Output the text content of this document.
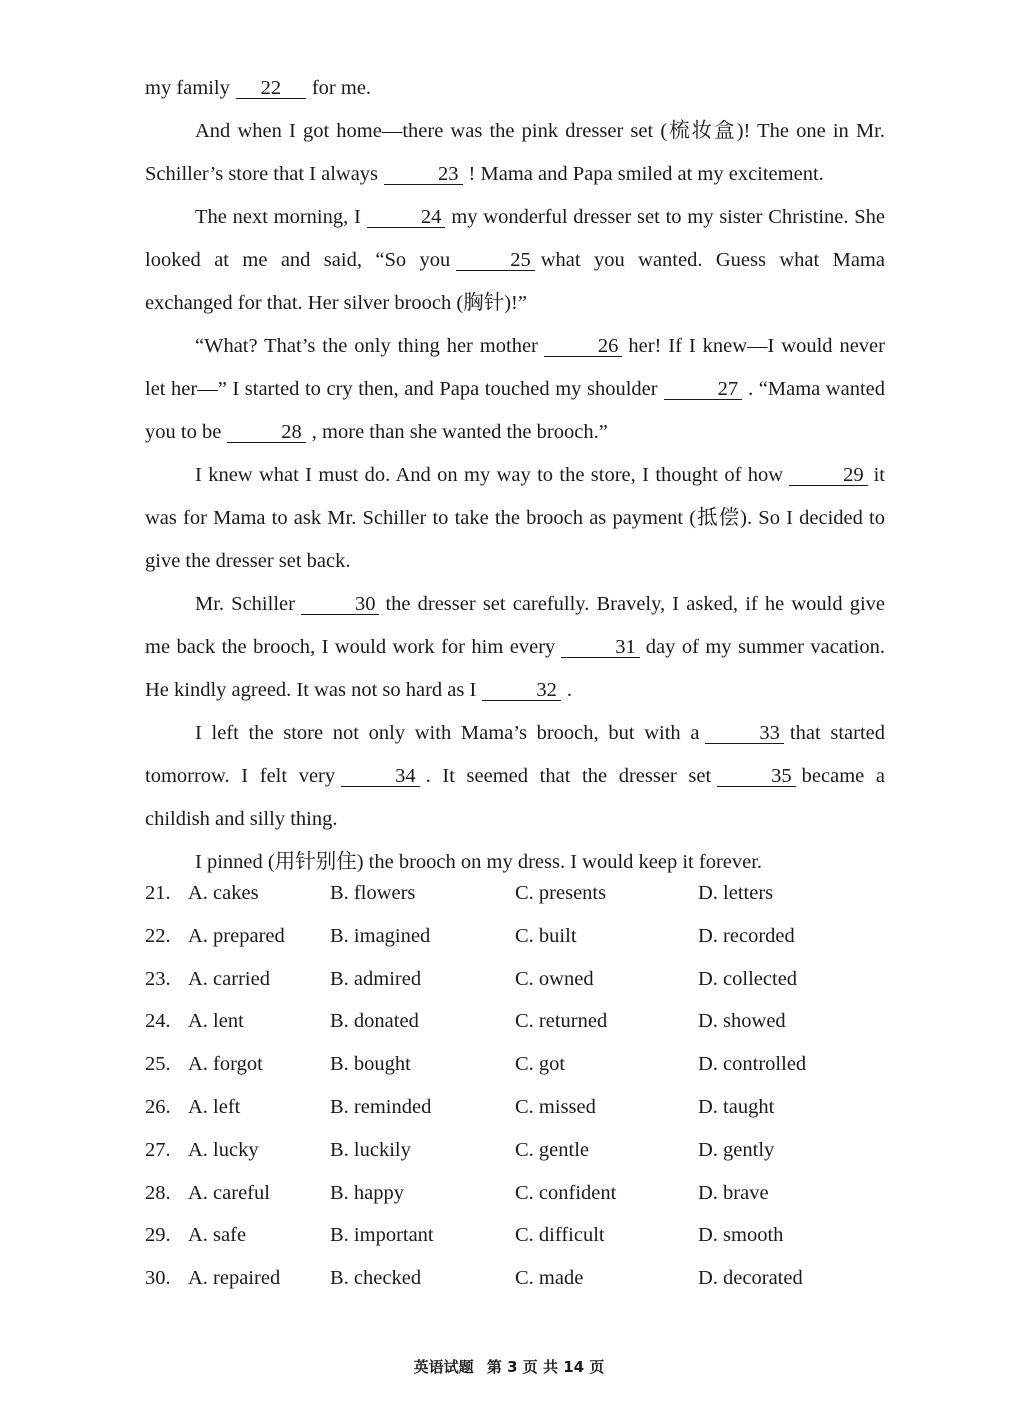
my family 22 for me.

And when I got home—there was the pink dresser set (梳妆盒)! The one in Mr. Schiller’s store that I always	23 ! Mama and Papa smiled at my excitement.

The next morning, I	24 my wonderful dresser set to my sister Christine. She looked at me and said, “So you	25 what you wanted. Guess what Mama exchanged for that. Her silver brooch (胸针)!”

“What? That’s the only thing her mother	26 her! If I knew—I would never let her—” I started to cry then, and Papa touched my shoulder	27 . “Mama wanted you to be	28 , more than she wanted the brooch.”

I knew what I must do. And on my way to the store, I thought of how	29 it was for Mama to ask Mr. Schiller to take the brooch as payment (抵偿). So I decided to give the dresser set back.

Mr. Schiller	30 the dresser set carefully. Bravely, I asked, if he would give me back the brooch, I would work for him every	31 day of my summer vacation. He kindly agreed. It was not so hard as I	32 .

I left the store not only with Mama’s brooch, but with a	33 that started tomorrow. I felt very	34 . It seemed that the dresser set	35 became a childish and silly thing.

I pinned (用针别住) the brooch on my dress. I would keep it forever.

21. A. cakes	B. flowers	C. presents	D. letters
22. A. prepared B. imagined	C. built	D. recorded
23. A. carried	B. admired	C. owned	D. collected
24. A. lent	B. donated	C. returned	D. showed
25. A. forgot	B. bought	C. got	D. controlled
26. A. left	B. reminded	C. missed	D. taught
27. A. lucky	B. luckily	C. gentle	D. gently
28. A. careful	B. happy	C. confident	D. brave
29. A. safe	B. important	C. difficult	D. smooth
30. A. repaired B. checked	C. made	D. decorated
英语试题 第 3 页 共 14 页
